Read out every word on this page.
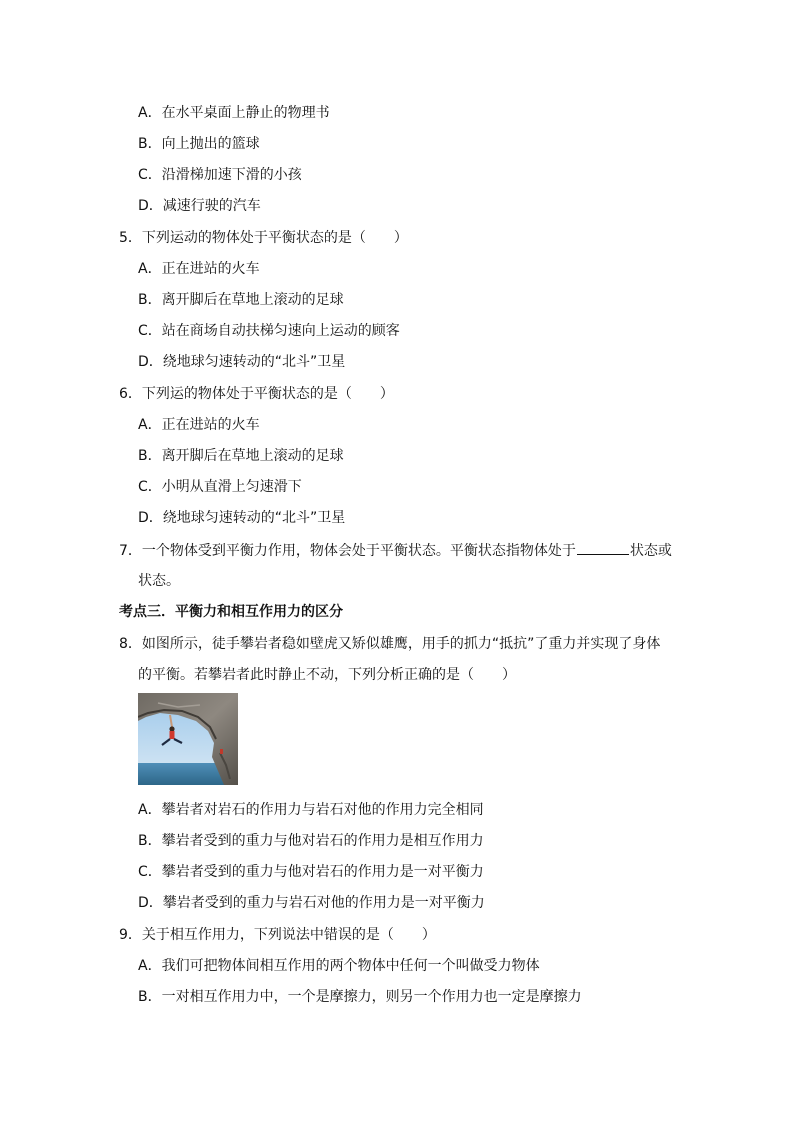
A．在水平桌面上静止的物理书
B．向上抛出的篮球
C．沿滑梯加速下滑的小孩
D．减速行驶的汽车
5．下列运动的物体处于平衡状态的是（　　）
A．正在进站的火车
B．离开脚后在草地上滚动的足球
C．站在商场自动扶梯匀速向上运动的顾客
D．绕地球匀速转动的“北斗”卫星
6．下列运的物体处于平衡状态的是（　　）
A．正在进站的火车
B．离开脚后在草地上滚动的足球
C．小明从直滑上匀速滑下
D．绕地球匀速转动的“北斗”卫星
7．一个物体受到平衡力作用，物体会处于平衡状态。平衡状态指物体处于	状态或
状态。
考点三．平衡力和相互作用力的区分
8．如图所示，徒手攀岩者稳如壁虎又矫似雄鹰，用手的抓力“抵抗”了重力并实现了身体
的平衡。若攀岩者此时静止不动，下列分析正确的是（　　）
A．攀岩者对岩石的作用力与岩石对他的作用力完全相同
B．攀岩者受到的重力与他对岩石的作用力是相互作用力
C．攀岩者受到的重力与他对岩石的作用力是一对平衡力
D．攀岩者受到的重力与岩石对他的作用力是一对平衡力
9．关于相互作用力，下列说法中错误的是（　　）
A．我们可把物体间相互作用的两个物体中任何一个叫做受力物体
B．一对相互作用力中，一个是摩擦力，则另一个作用力也一定是摩擦力
